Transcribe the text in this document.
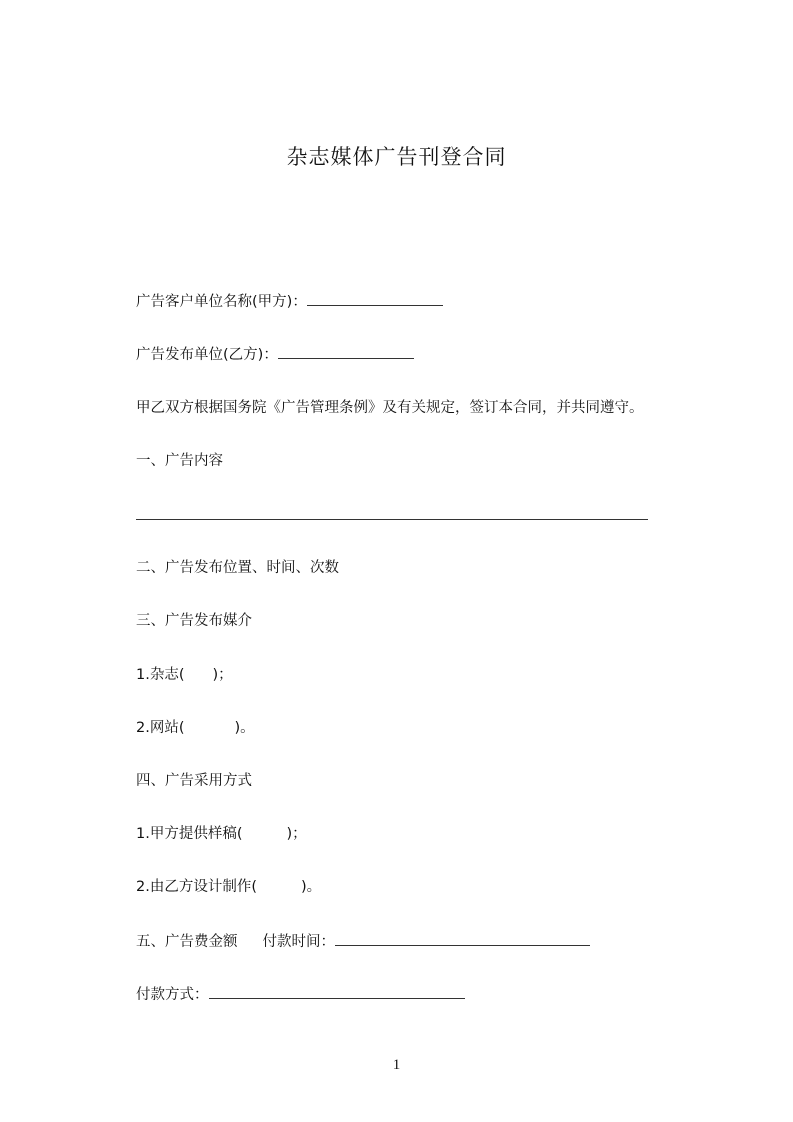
杂志媒体广告刊登合同
广告客户单位名称(甲方)：
广告发布单位(乙方)：
甲乙双方根据国务院《广告管理条例》及有关规定，签订本合同，并共同遵守。
一、广告内容
二、广告发布位置、时间、次数
三、广告发布媒介
1.杂志( )；
2.网站(	)。
四、广告采用方式
1.甲方提供样稿(	)；
2.由乙方设计制作(	)。
五、广告费金额 付款时间：
付款方式：
1
